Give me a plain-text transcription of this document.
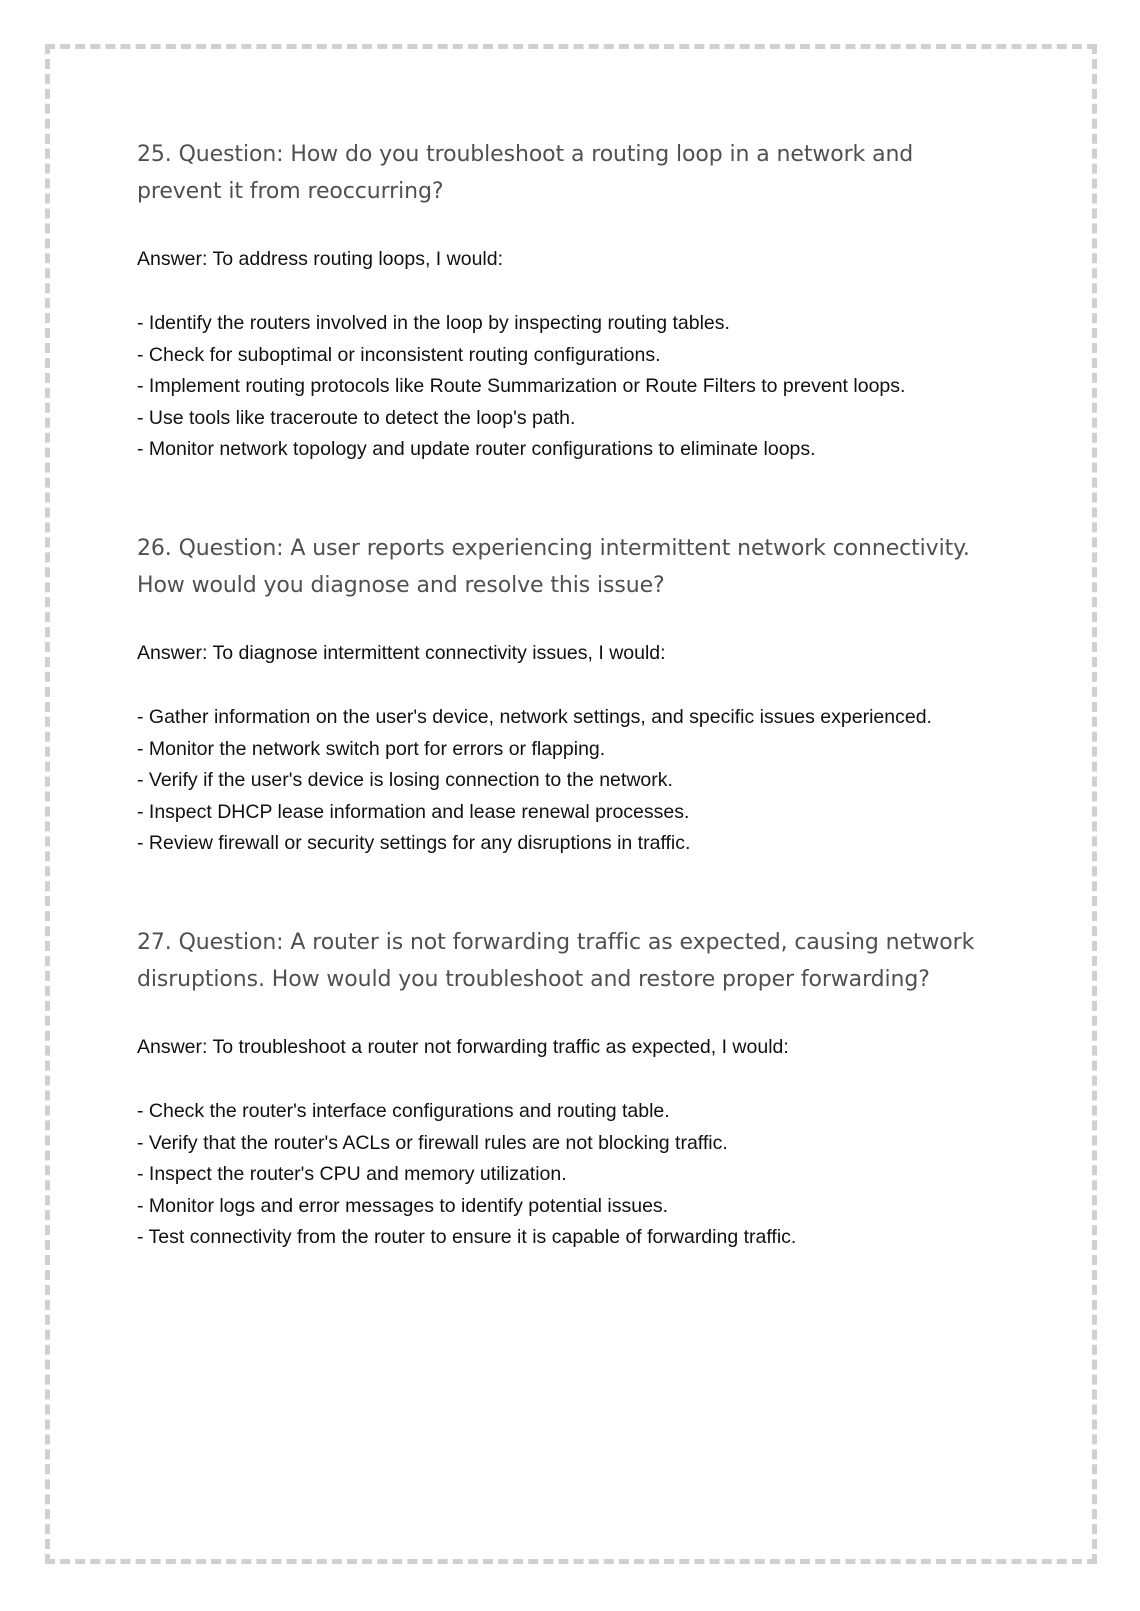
25. Question: How do you troubleshoot a routing loop in a network and
prevent it from reoccurring?

Answer: To address routing loops, I would:

- Identify the routers involved in the loop by inspecting routing tables.
- Check for suboptimal or inconsistent routing configurations.
- Implement routing protocols like Route Summarization or Route Filters to prevent loops.
- Use tools like traceroute to detect the loop's path.
- Monitor network topology and update router configurations to eliminate loops.
26. Question: A user reports experiencing intermittent network connectivity.
How would you diagnose and resolve this issue?

Answer: To diagnose intermittent connectivity issues, I would:

- Gather information on the user's device, network settings, and specific issues experienced.
- Monitor the network switch port for errors or flapping.
- Verify if the user's device is losing connection to the network.
- Inspect DHCP lease information and lease renewal processes.
- Review firewall or security settings for any disruptions in traffic.
27. Question: A router is not forwarding traffic as expected, causing network
disruptions. How would you troubleshoot and restore proper forwarding?

Answer: To troubleshoot a router not forwarding traffic as expected, I would:

- Check the router's interface configurations and routing table.
- Verify that the router's ACLs or firewall rules are not blocking traffic.
- Inspect the router's CPU and memory utilization.
- Monitor logs and error messages to identify potential issues.
- Test connectivity from the router to ensure it is capable of forwarding traffic.
